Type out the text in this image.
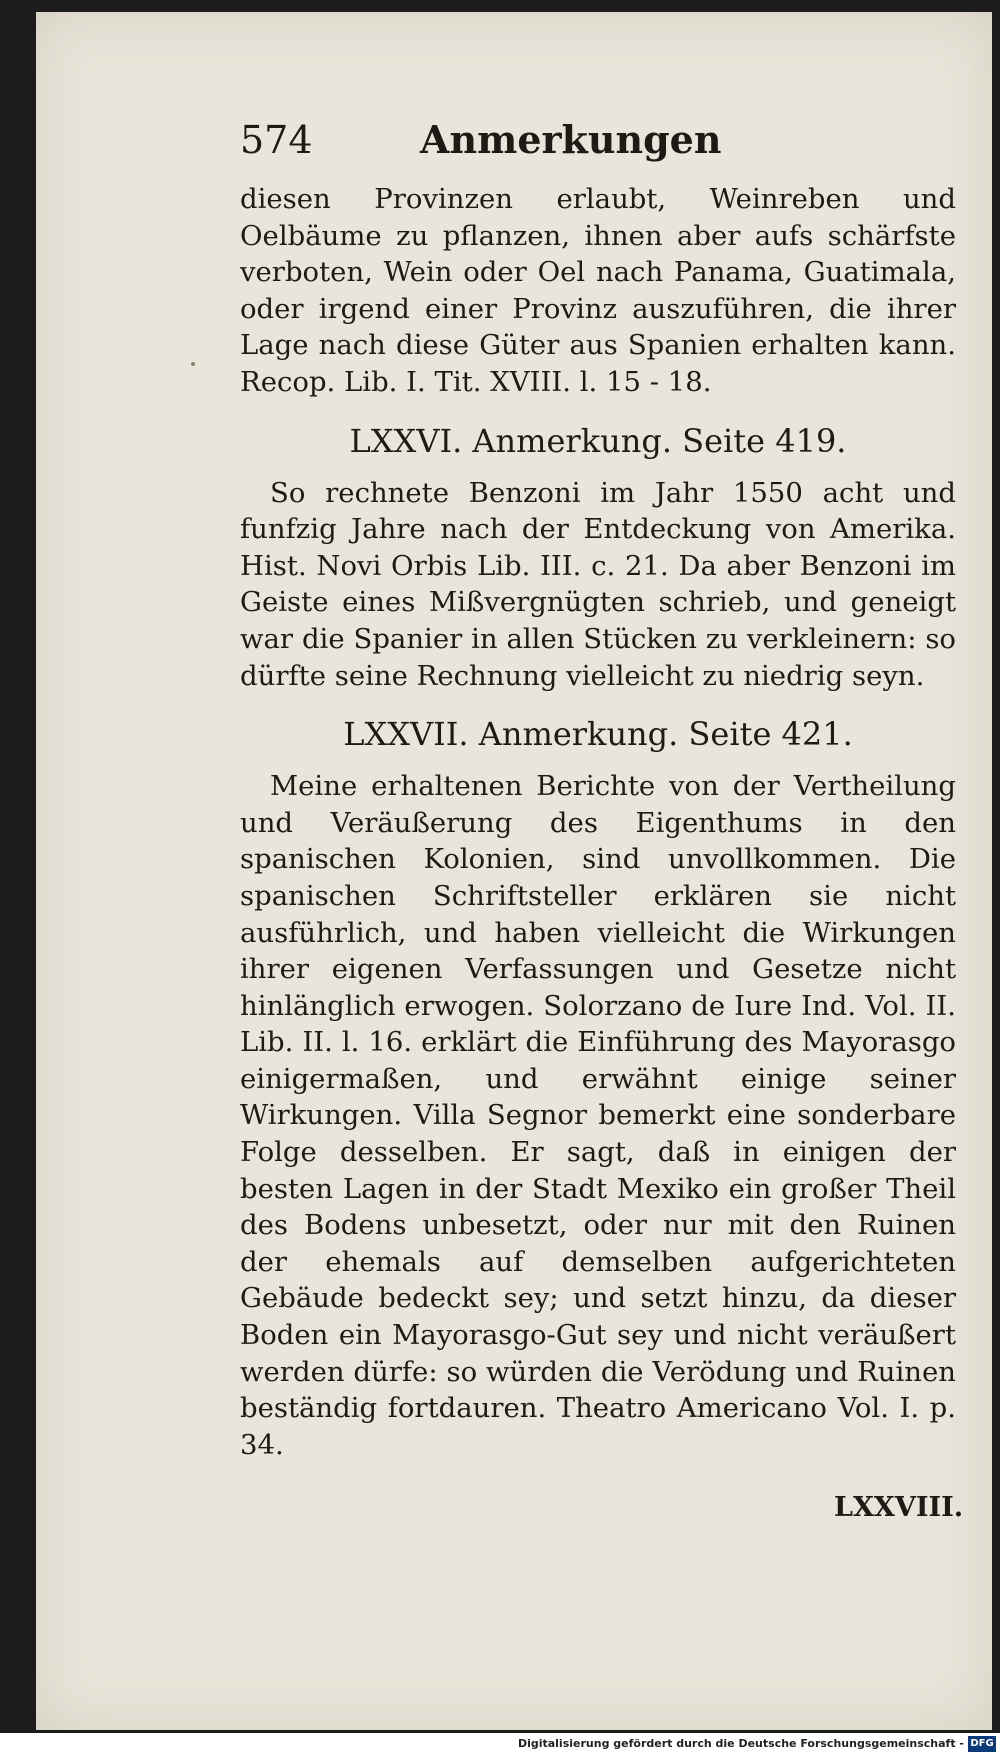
574	Anmerkungen

diesen Provinzen erlaubt, Weinreben und Oelbäume zu pflanzen, ihnen aber aufs schärfste verboten, Wein oder Oel nach Panama, Guatimala, oder irgend einer Provinz auszuführen, die ihrer Lage nach diese Güter aus Spanien erhalten kann. Recop. Lib. I. Tit. XVIII. l. 15 - 18.

LXXVI. Anmerkung. Seite 419.

So rechnete Benzoni im Jahr 1550 acht und funfzig Jahre nach der Entdeckung von Amerika. Hist. Novi Orbis Lib. III. c. 21. Da aber Benzoni im Geiste eines Mißvergnügten schrieb, und geneigt war die Spanier in allen Stücken zu verkleinern: so dürfte seine Rechnung vielleicht zu niedrig seyn.

LXXVII. Anmerkung. Seite 421.

Meine erhaltenen Berichte von der Vertheilung und Veräußerung des Eigenthums in den spanischen Kolonien, sind unvollkommen. Die spanischen Schriftsteller erklären sie nicht ausführlich, und haben vielleicht die Wirkungen ihrer eigenen Verfassungen und Gesetze nicht hinlänglich erwogen. Solorzano de Iure Ind. Vol. II. Lib. II. l. 16. erklärt die Einführung des Mayorasgo einigermaßen, und erwähnt einige seiner Wirkungen. Villa Segnor bemerkt eine sonderbare Folge desselben. Er sagt, daß in einigen der besten Lagen in der Stadt Mexiko ein großer Theil des Bodens unbesetzt, oder nur mit den Ruinen der ehemals auf demselben aufgerichteten Gebäude bedeckt sey; und setzt hinzu, da dieser Boden ein Mayorasgo-Gut sey und nicht veräußert werden dürfe: so würden die Verödung und Ruinen beständig fortdauren. Theatro Americano Vol. I. p. 34.

LXXVIII.
Digitalisierung gefördert durch die Deutsche Forschungsgemeinschaft - DFG
